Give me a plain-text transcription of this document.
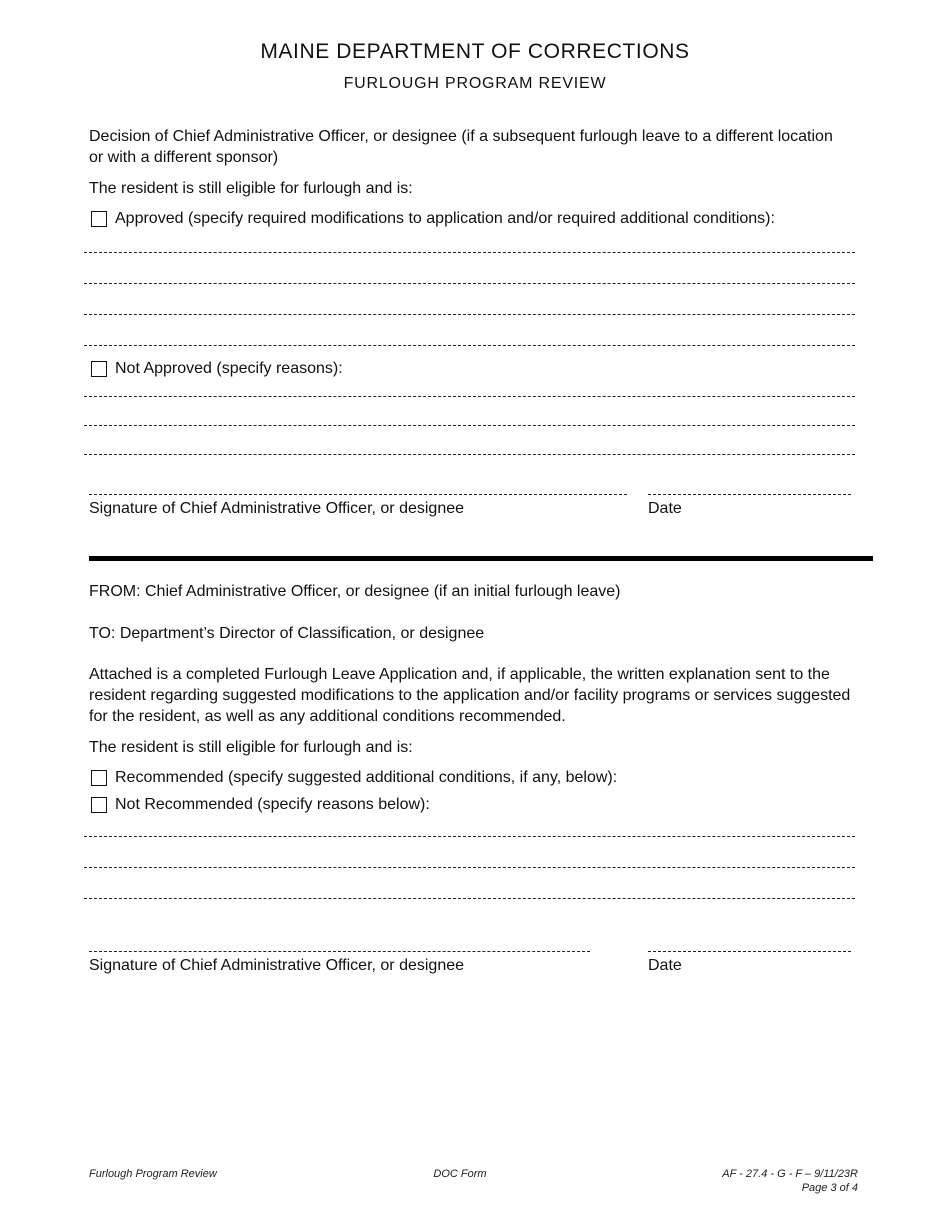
MAINE DEPARTMENT OF CORRECTIONS
FURLOUGH PROGRAM REVIEW
Decision of Chief Administrative Officer, or designee (if a subsequent furlough leave to a different location or with a different sponsor)
The resident is still eligible for furlough and is:
Approved (specify required modifications to application and/or required additional conditions):
Not Approved (specify reasons):
Signature of Chief Administrative Officer, or designee	Date
FROM: Chief Administrative Officer, or designee (if an initial furlough leave)
TO: Department’s Director of Classification, or designee
Attached is a completed Furlough Leave Application and, if applicable, the written explanation sent to the resident regarding suggested modifications to the application and/or facility programs or services suggested for the resident, as well as any additional conditions recommended.
The resident is still eligible for furlough and is:
Recommended (specify suggested additional conditions, if any, below):
Not Recommended (specify reasons below):
Signature of Chief Administrative Officer, or designee	Date
Furlough Program Review	DOC Form	AF - 27.4 - G - F – 9/11/23R
Page 3 of 4
